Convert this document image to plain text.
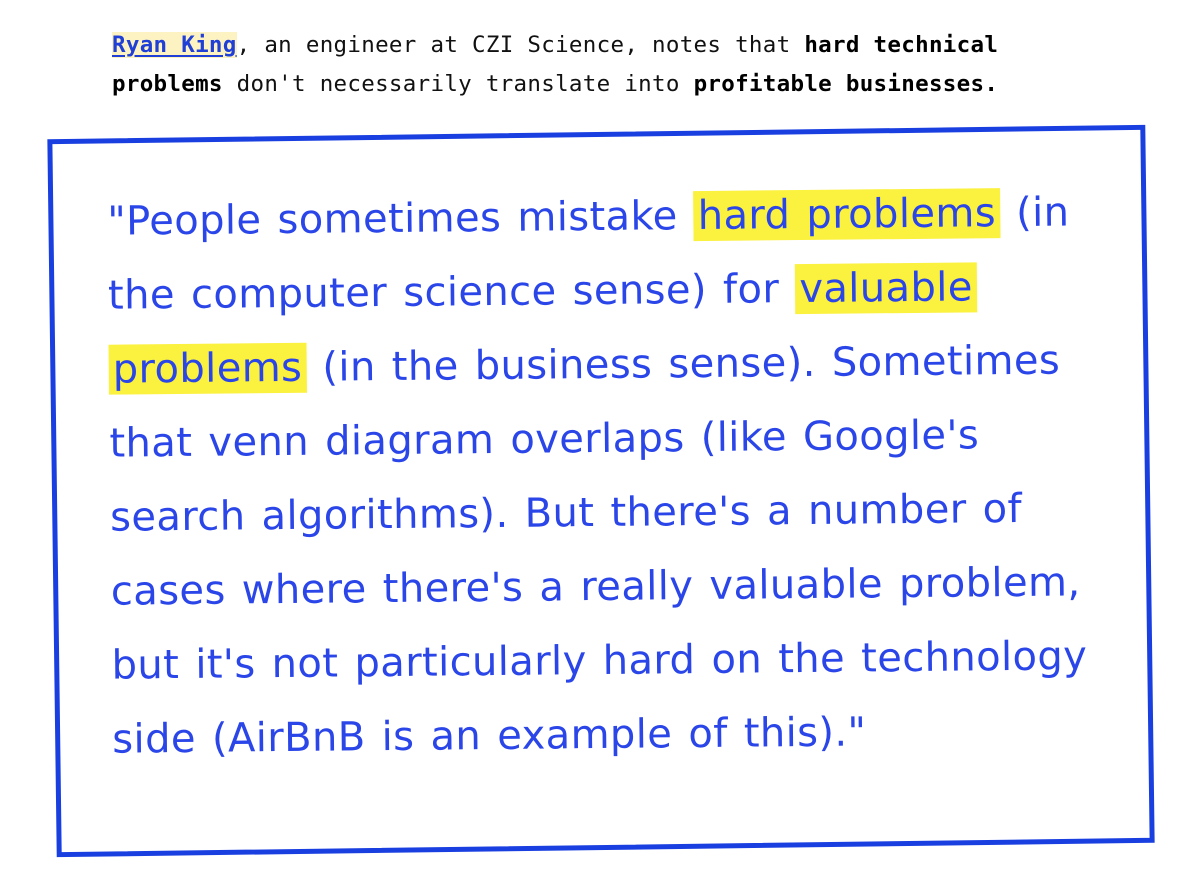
Ryan King, an engineer at CZI Science, notes that hard technical problems don't necessarily translate into profitable businesses.
"People sometimes mistake hard problems (in the computer science sense) for valuable problems (in the business sense). Sometimes that venn diagram overlaps (like Google's search algorithms). But there's a number of cases where there's a really valuable problem, but it's not particularly hard on the technology side (AirBnB is an example of this)."
